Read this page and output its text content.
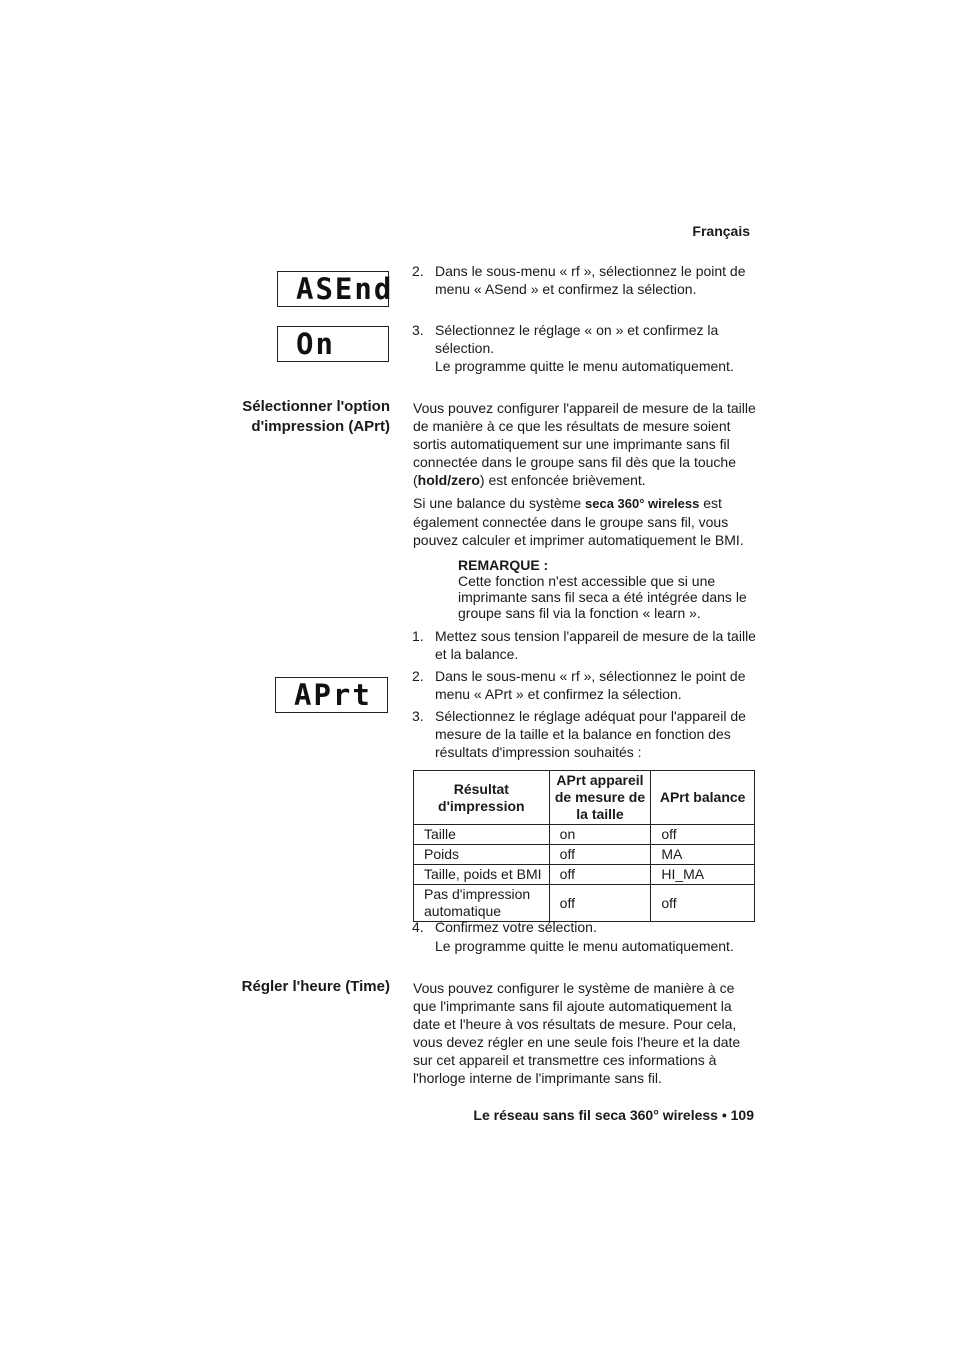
Français
ASEnd
On
APrt
2. Dans le sous-menu « rf », sélectionnez le point de menu « ASend » et confirmez la sélection.
3. Sélectionnez le réglage « on » et confirmez la sélection.
Le programme quitte le menu automatiquement.
Sélectionner l'option
d'impression (APrt)
Vous pouvez configurer l'appareil de mesure de la taille de manière à ce que les résultats de mesure soient sortis automatiquement sur une imprimante sans fil connectée dans le groupe sans fil dès que la touche (hold/zero) est enfoncée brièvement.
Si une balance du système seca 360° wireless est également connectée dans le groupe sans fil, vous pouvez calculer et imprimer automatiquement le BMI.
REMARQUE :
Cette fonction n'est accessible que si une imprimante sans fil seca a été intégrée dans le groupe sans fil via la fonction « learn ».
1. Mettez sous tension l'appareil de mesure de la taille et la balance.
2. Dans le sous-menu « rf », sélectionnez le point de menu « APrt » et confirmez la sélection.
3. Sélectionnez le réglage adéquat pour l'appareil de mesure de la taille et la balance en fonction des résultats d'impression souhaités :
Résultat d'impression	APrt appareil de mesure de la taille	APrt balance
Taille	on	off
Poids	off	MA
Taille, poids et BMI	off	HI_MA
Pas d'impression automatique	off	off
4. Confirmez votre sélection.
Le programme quitte le menu automatiquement.
Régler l'heure (Time) Vous pouvez configurer le système de manière à ce que l'imprimante sans fil ajoute automatiquement la date et l'heure à vos résultats de mesure. Pour cela, vous devez régler en une seule fois l'heure et la date sur cet appareil et transmettre ces informations à l'horloge interne de l'imprimante sans fil.
Le réseau sans fil seca 360° wireless • 109
